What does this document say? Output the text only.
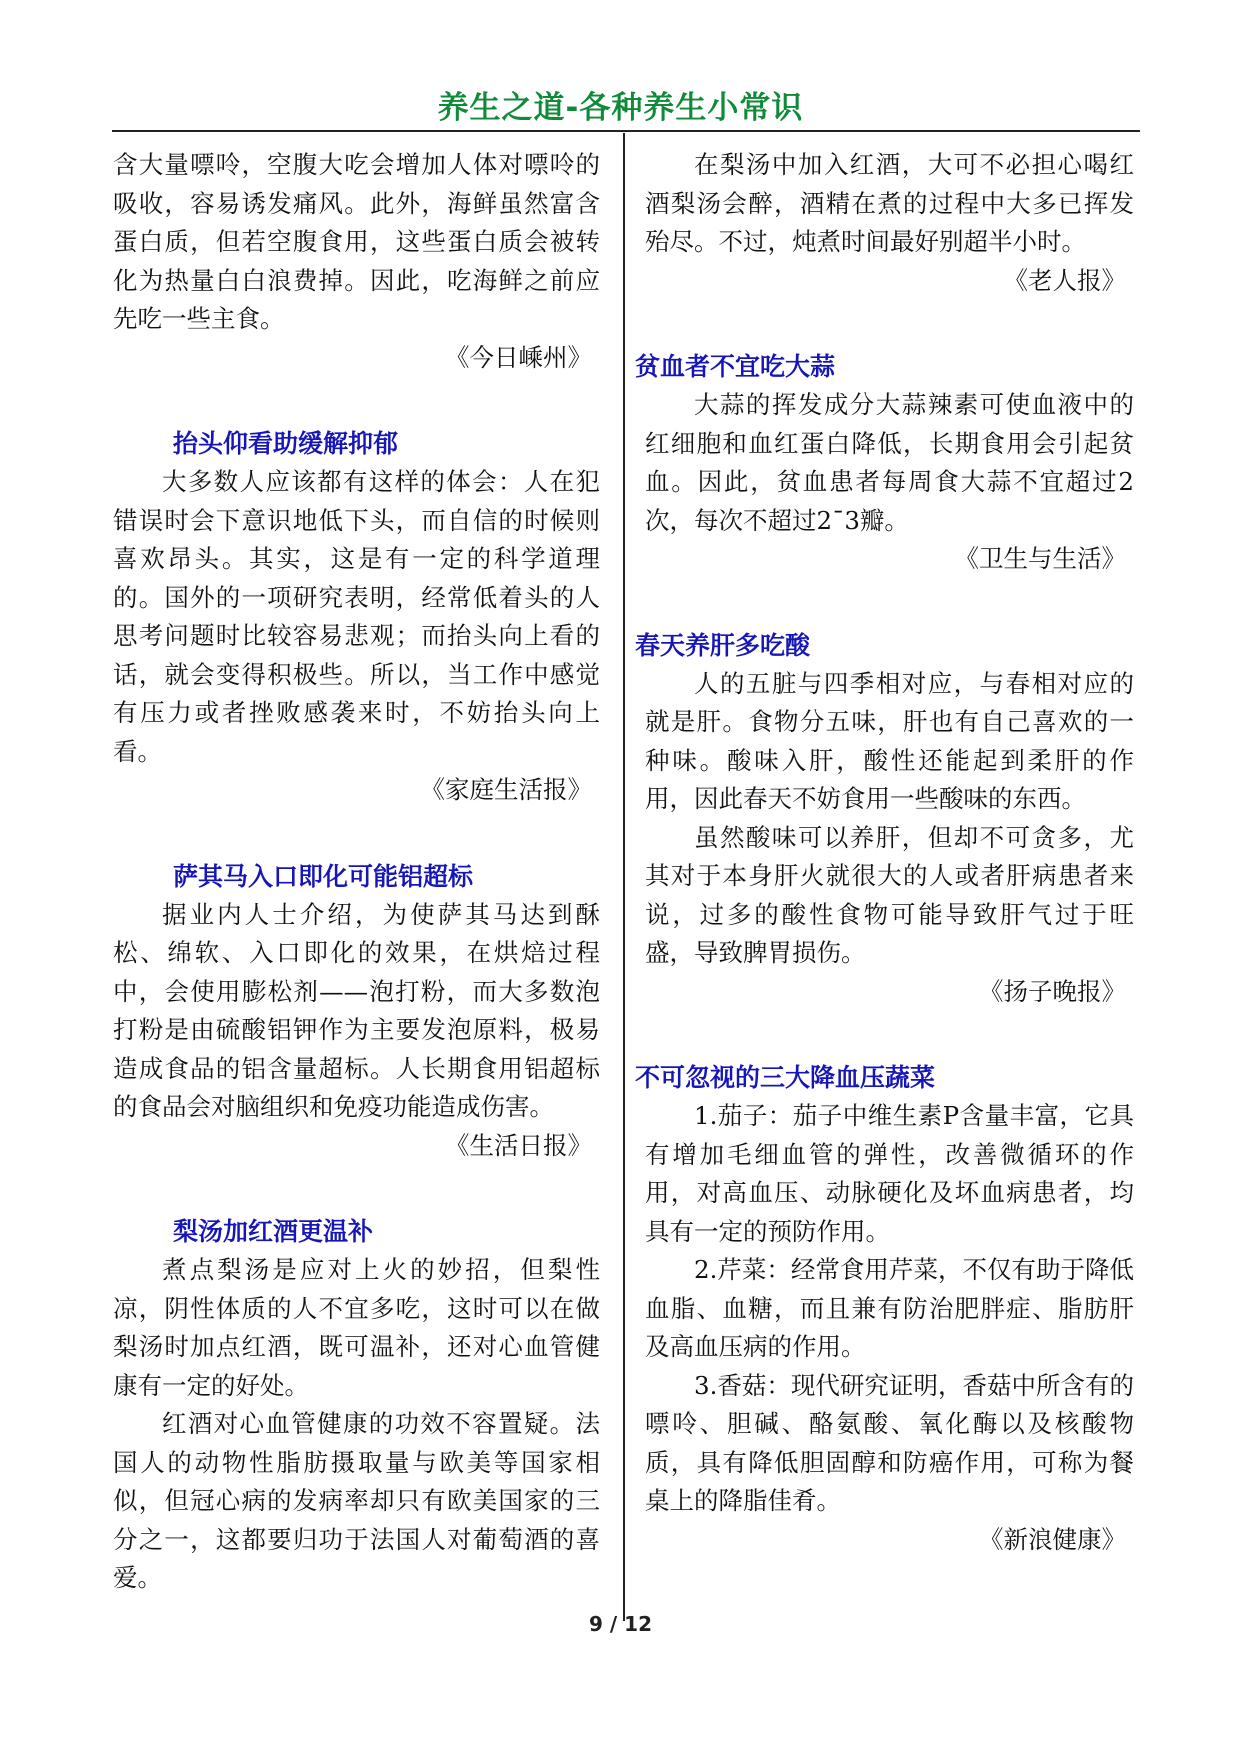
养生之道-各种养生小常识

含大量嘌呤，空腹大吃会增加人体对嘌呤的吸收，容易诱发痛风。此外，海鲜虽然富含蛋白质，但若空腹食用，这些蛋白质会被转化为热量白白浪费掉。因此，吃海鲜之前应先吃一些主食。

《今日嵊州》

抬头仰看助缓解抑郁

大多数人应该都有这样的体会：人在犯错误时会下意识地低下头，而自信的时候则喜欢昂头。其实，这是有一定的科学道理的。国外的一项研究表明，经常低着头的人思考问题时比较容易悲观；而抬头向上看的话，就会变得积极些。所以，当工作中感觉有压力或者挫败感袭来时，不妨抬头向上看。

《家庭生活报》

萨其马入口即化可能铝超标

据业内人士介绍，为使萨其马达到酥松、绵软、入口即化的效果，在烘焙过程中，会使用膨松剂——泡打粉，而大多数泡打粉是由硫酸铝钾作为主要发泡原料，极易造成食品的铝含量超标。人长期食用铝超标的食品会对脑组织和免疫功能造成伤害。

《生活日报》

梨汤加红酒更温补

煮点梨汤是应对上火的妙招，但梨性凉，阴性体质的人不宜多吃，这时可以在做梨汤时加点红酒，既可温补，还对心血管健康有一定的好处。

红酒对心血管健康的功效不容置疑。法国人的动物性脂肪摄取量与欧美等国家相似，但冠心病的发病率却只有欧美国家的三分之一，这都要归功于法国人对葡萄酒的喜爱。

在梨汤中加入红酒，大可不必担心喝红酒梨汤会醉，酒精在煮的过程中大多已挥发殆尽。不过，炖煮时间最好别超半小时。

《老人报》

贫血者不宜吃大蒜

大蒜的挥发成分大蒜辣素可使血液中的红细胞和血红蛋白降低，长期食用会引起贫血。因此，贫血患者每周食大蒜不宜超过2次，每次不超过2¯3瓣。

《卫生与生活》

春天养肝多吃酸

人的五脏与四季相对应，与春相对应的就是肝。食物分五味，肝也有自己喜欢的一种味。酸味入肝，酸性还能起到柔肝的作用，因此春天不妨食用一些酸味的东西。

虽然酸味可以养肝，但却不可贪多，尤其对于本身肝火就很大的人或者肝病患者来说，过多的酸性食物可能导致肝气过于旺盛，导致脾胃损伤。

《扬子晚报》

不可忽视的三大降血压蔬菜

1.茄子：茄子中维生素P含量丰富，它具有增加毛细血管的弹性，改善微循环的作用，对高血压、动脉硬化及坏血病患者，均具有一定的预防作用。

2.芹菜：经常食用芹菜，不仅有助于降低血脂、血糖，而且兼有防治肥胖症、脂肪肝及高血压病的作用。

3.香菇：现代研究证明，香菇中所含有的嘌呤、胆碱、酪氨酸、氧化酶以及核酸物质，具有降低胆固醇和防癌作用，可称为餐桌上的降脂佳肴。

《新浪健康》

9 / 12
